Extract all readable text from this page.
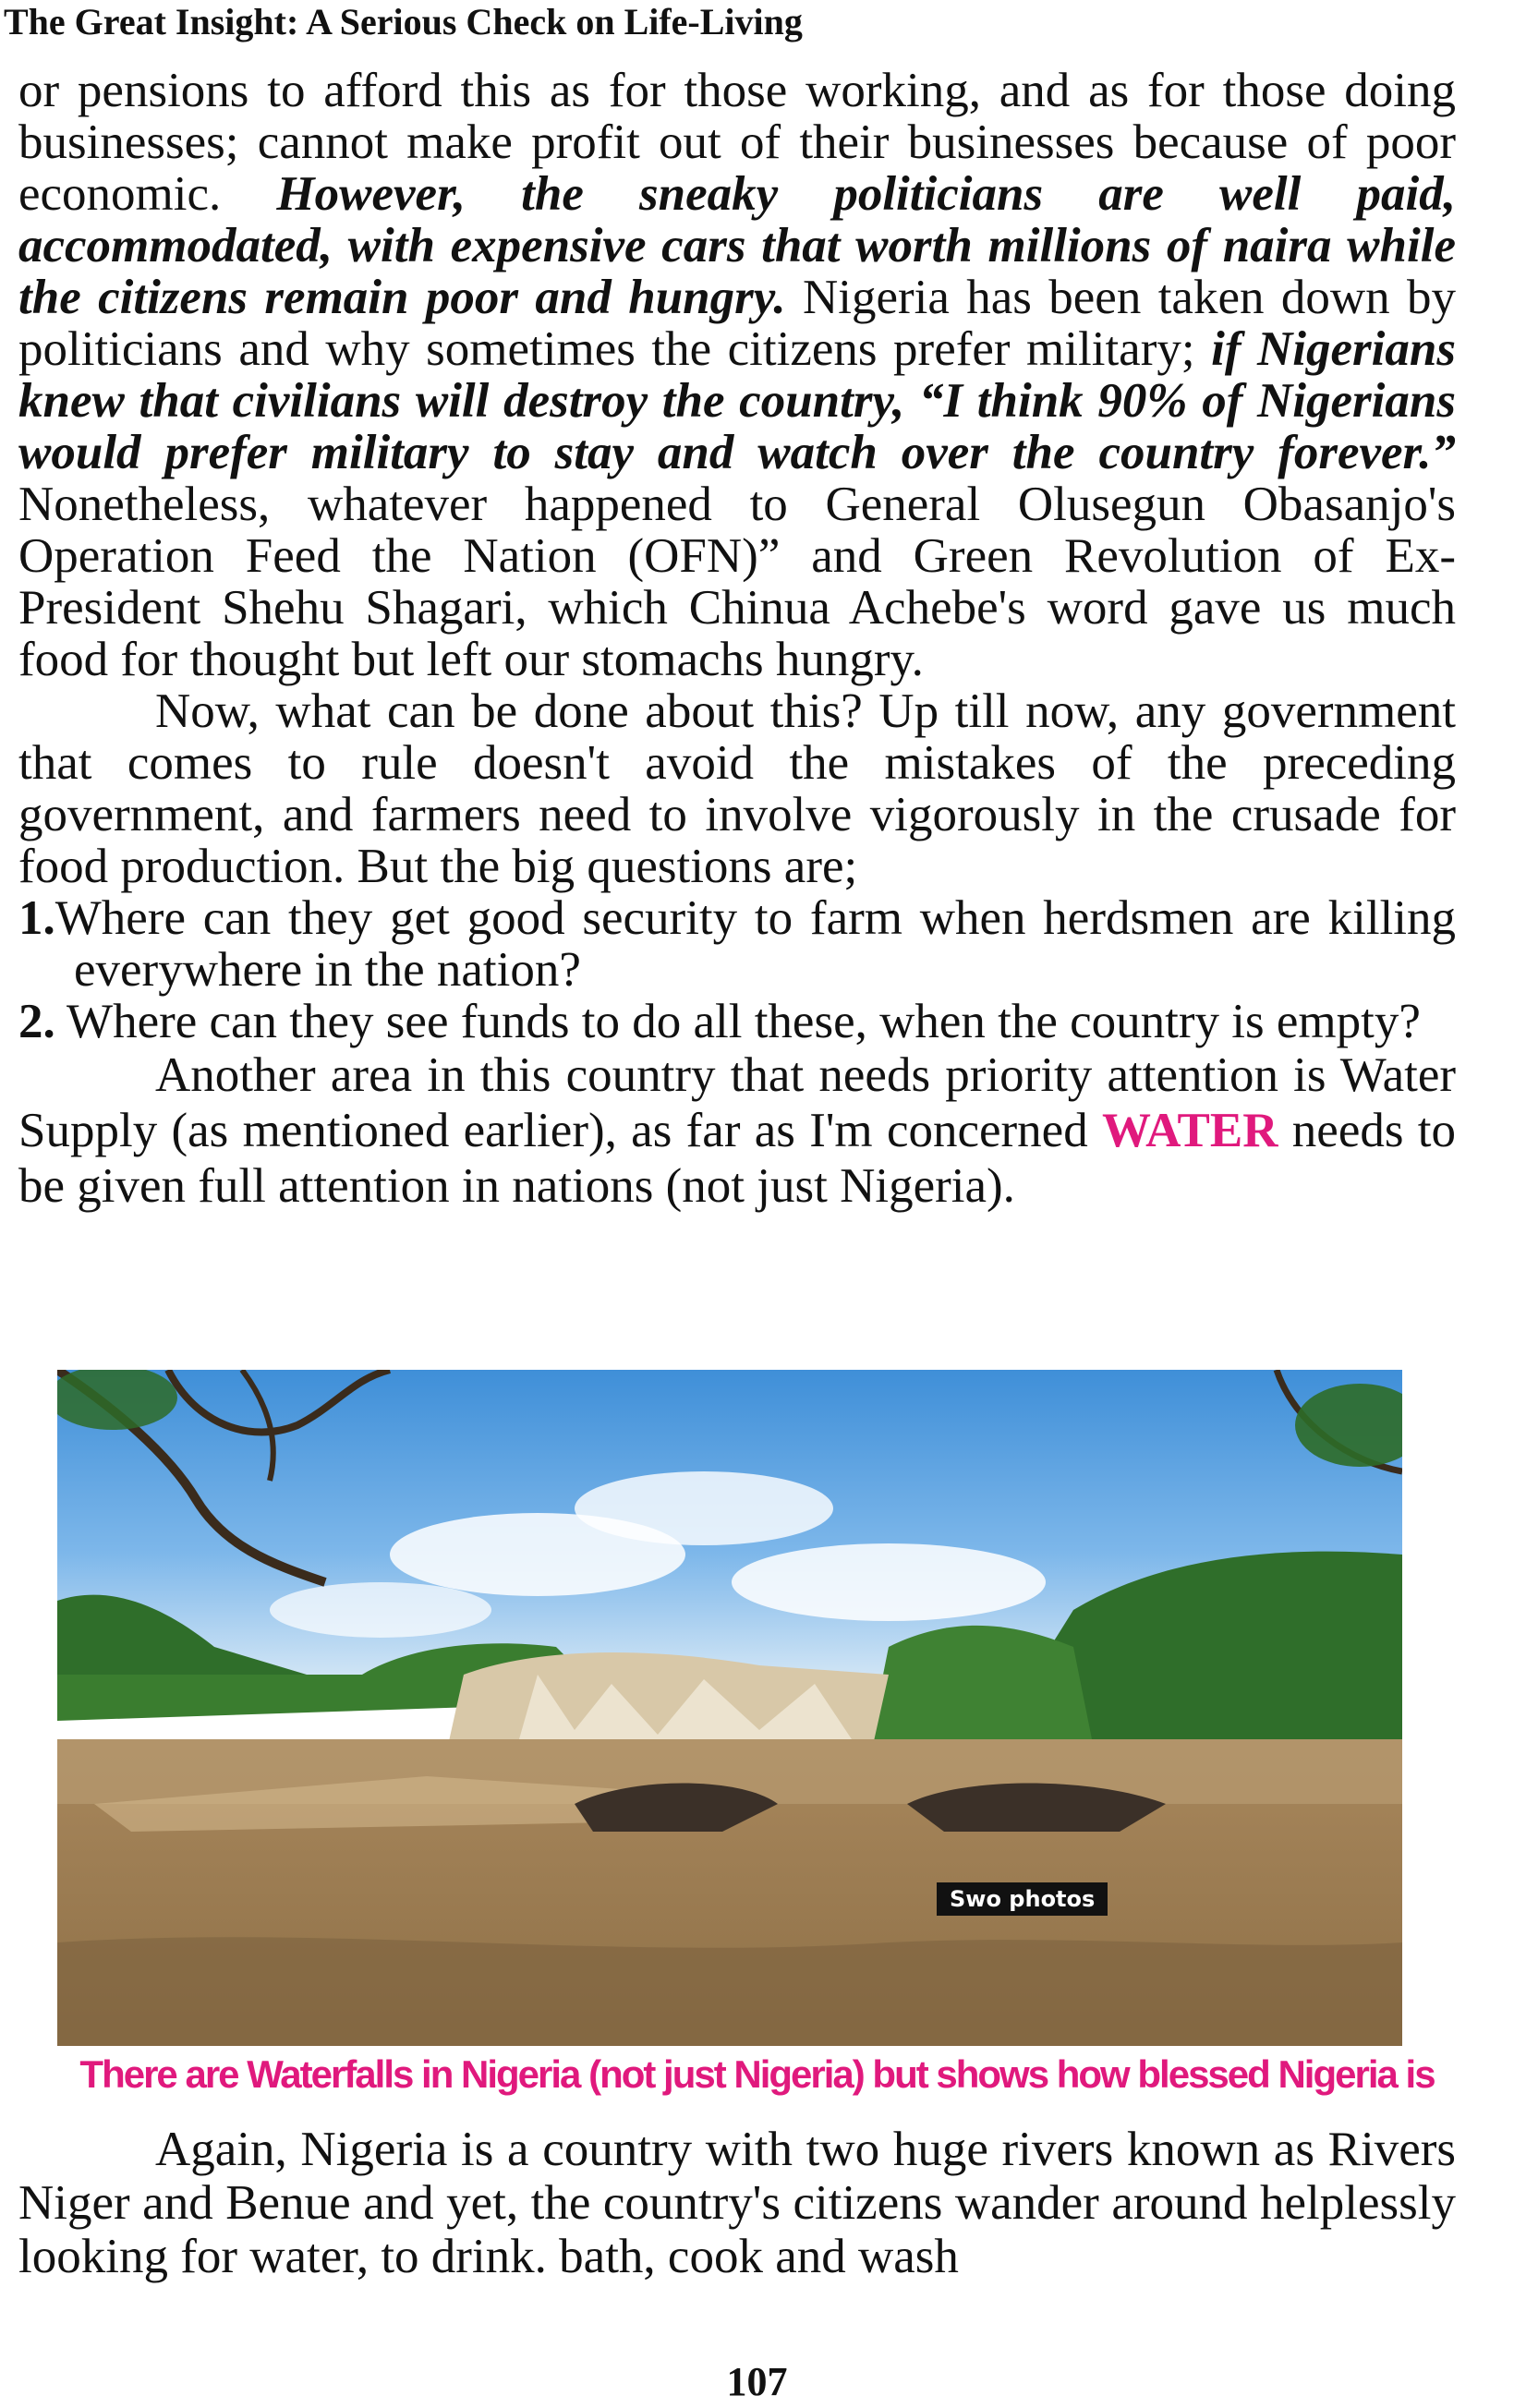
The Great Insight: A Serious Check on Life-Living

or pensions to afford this as for those working, and as for those doing businesses; cannot make profit out of their businesses because of poor economic. However, the sneaky politicians are well paid, accommodated, with expensive cars that worth millions of naira while the citizens remain poor and hungry. Nigeria has been taken down by politicians and why sometimes the citizens prefer military; if Nigerians knew that civilians will destroy the country, “I think 90% of Nigerians would prefer military to stay and watch over the country forever.” Nonetheless, whatever happened to General Olusegun Obasanjo's Operation Feed the Nation (OFN)” and Green Revolution of Ex-President Shehu Shagari, which Chinua Achebe's word gave us much food for thought but left our stomachs hungry.

Now, what can be done about this? Up till now, any government that comes to rule doesn't avoid the mistakes of the preceding government, and farmers need to involve vigorously in the crusade for food production. But the big questions are;

1.Where can they get good security to farm when herdsmen are killing everywhere in the nation?

2. Where can they see funds to do all these, when the country is empty?

Another area in this country that needs priority attention is Water Supply (as mentioned earlier), as far as I'm concerned WATER needs to be given full attention in nations (not just Nigeria).

Swo photos
There are Waterfalls in Nigeria (not just Nigeria) but shows how blessed Nigeria is

Again, Nigeria is a country with two huge rivers known as Rivers Niger and Benue and yet, the country's citizens wander around helplessly looking for water, to drink. bath, cook and wash

107
